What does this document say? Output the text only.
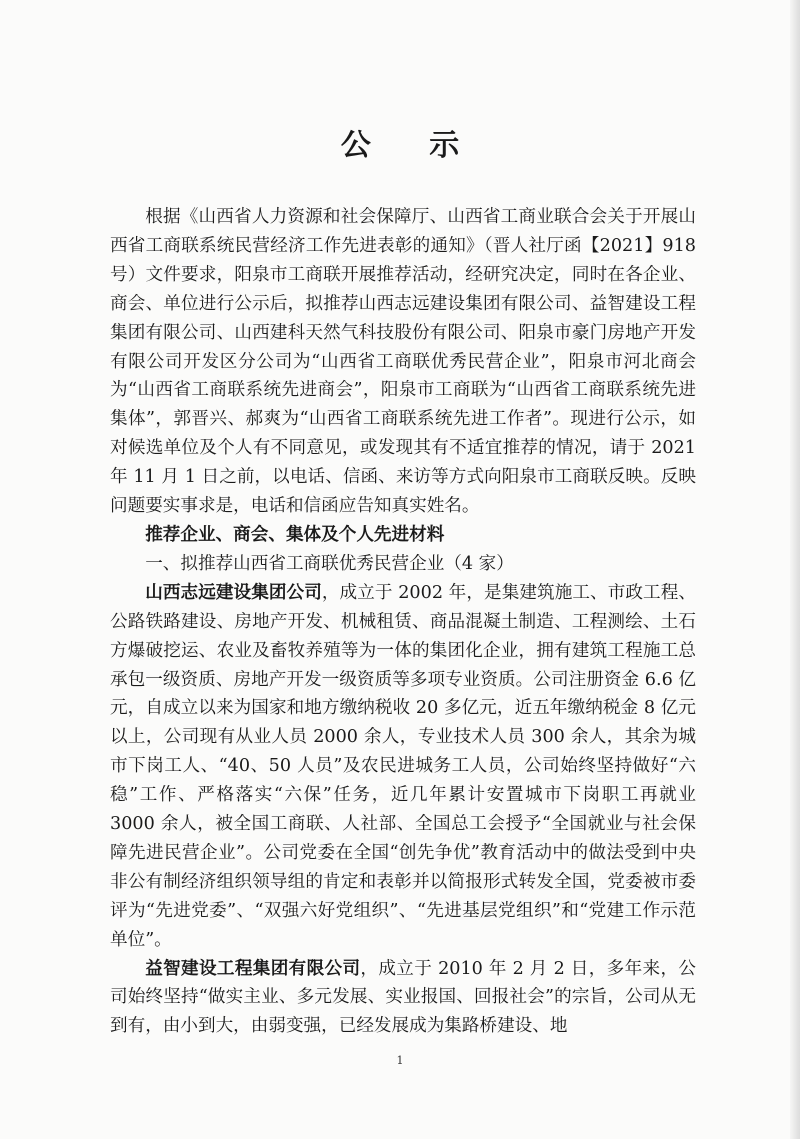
公 示

根据《山西省人力资源和社会保障厅、山西省工商业联合会关于开展山西省工商联系统民营经济工作先进表彰的通知》（晋人社厅函【2021】918 号）文件要求，阳泉市工商联开展推荐活动，经研究决定，同时在各企业、商会、单位进行公示后，拟推荐山西志远建设集团有限公司、益智建设工程集团有限公司、山西建科天然气科技股份有限公司、阳泉市豪门房地产开发有限公司开发区分公司为“山西省工商联优秀民营企业”，阳泉市河北商会为“山西省工商联系统先进商会”，阳泉市工商联为“山西省工商联系统先进集体”，郭晋兴、郝爽为“山西省工商联系统先进工作者”。现进行公示，如对候选单位及个人有不同意见，或发现其有不适宜推荐的情况，请于 2021 年 11 月 1 日之前，以电话、信函、来访等方式向阳泉市工商联反映。反映问题要实事求是，电话和信函应告知真实姓名。

推荐企业、商会、集体及个人先进材料

一、拟推荐山西省工商联优秀民营企业（4 家）

山西志远建设集团公司，成立于 2002 年，是集建筑施工、市政工程、公路铁路建设、房地产开发、机械租赁、商品混凝土制造、工程测绘、土石方爆破挖运、农业及畜牧养殖等为一体的集团化企业，拥有建筑工程施工总承包一级资质、房地产开发一级资质等多项专业资质。公司注册资金 6.6 亿元，自成立以来为国家和地方缴纳税收 20 多亿元，近五年缴纳税金 8 亿元以上，公司现有从业人员 2000 余人，专业技术人员 300 余人，其余为城市下岗工人、“40、50 人员”及农民进城务工人员，公司始终坚持做好“六稳”工作、严格落实“六保”任务，近几年累计安置城市下岗职工再就业 3000 余人，被全国工商联、人社部、全国总工会授予“全国就业与社会保障先进民营企业”。公司党委在全国“创先争优”教育活动中的做法受到中央非公有制经济组织领导组的肯定和表彰并以简报形式转发全国，党委被市委评为“先进党委”、“双强六好党组织”、“先进基层党组织”和“党建工作示范单位”。

益智建设工程集团有限公司，成立于 2010 年 2 月 2 日，多年来，公司始终坚持“做实主业、多元发展、实业报国、回报社会”的宗旨，公司从无到有，由小到大，由弱变强，已经发展成为集路桥建设、地

1
